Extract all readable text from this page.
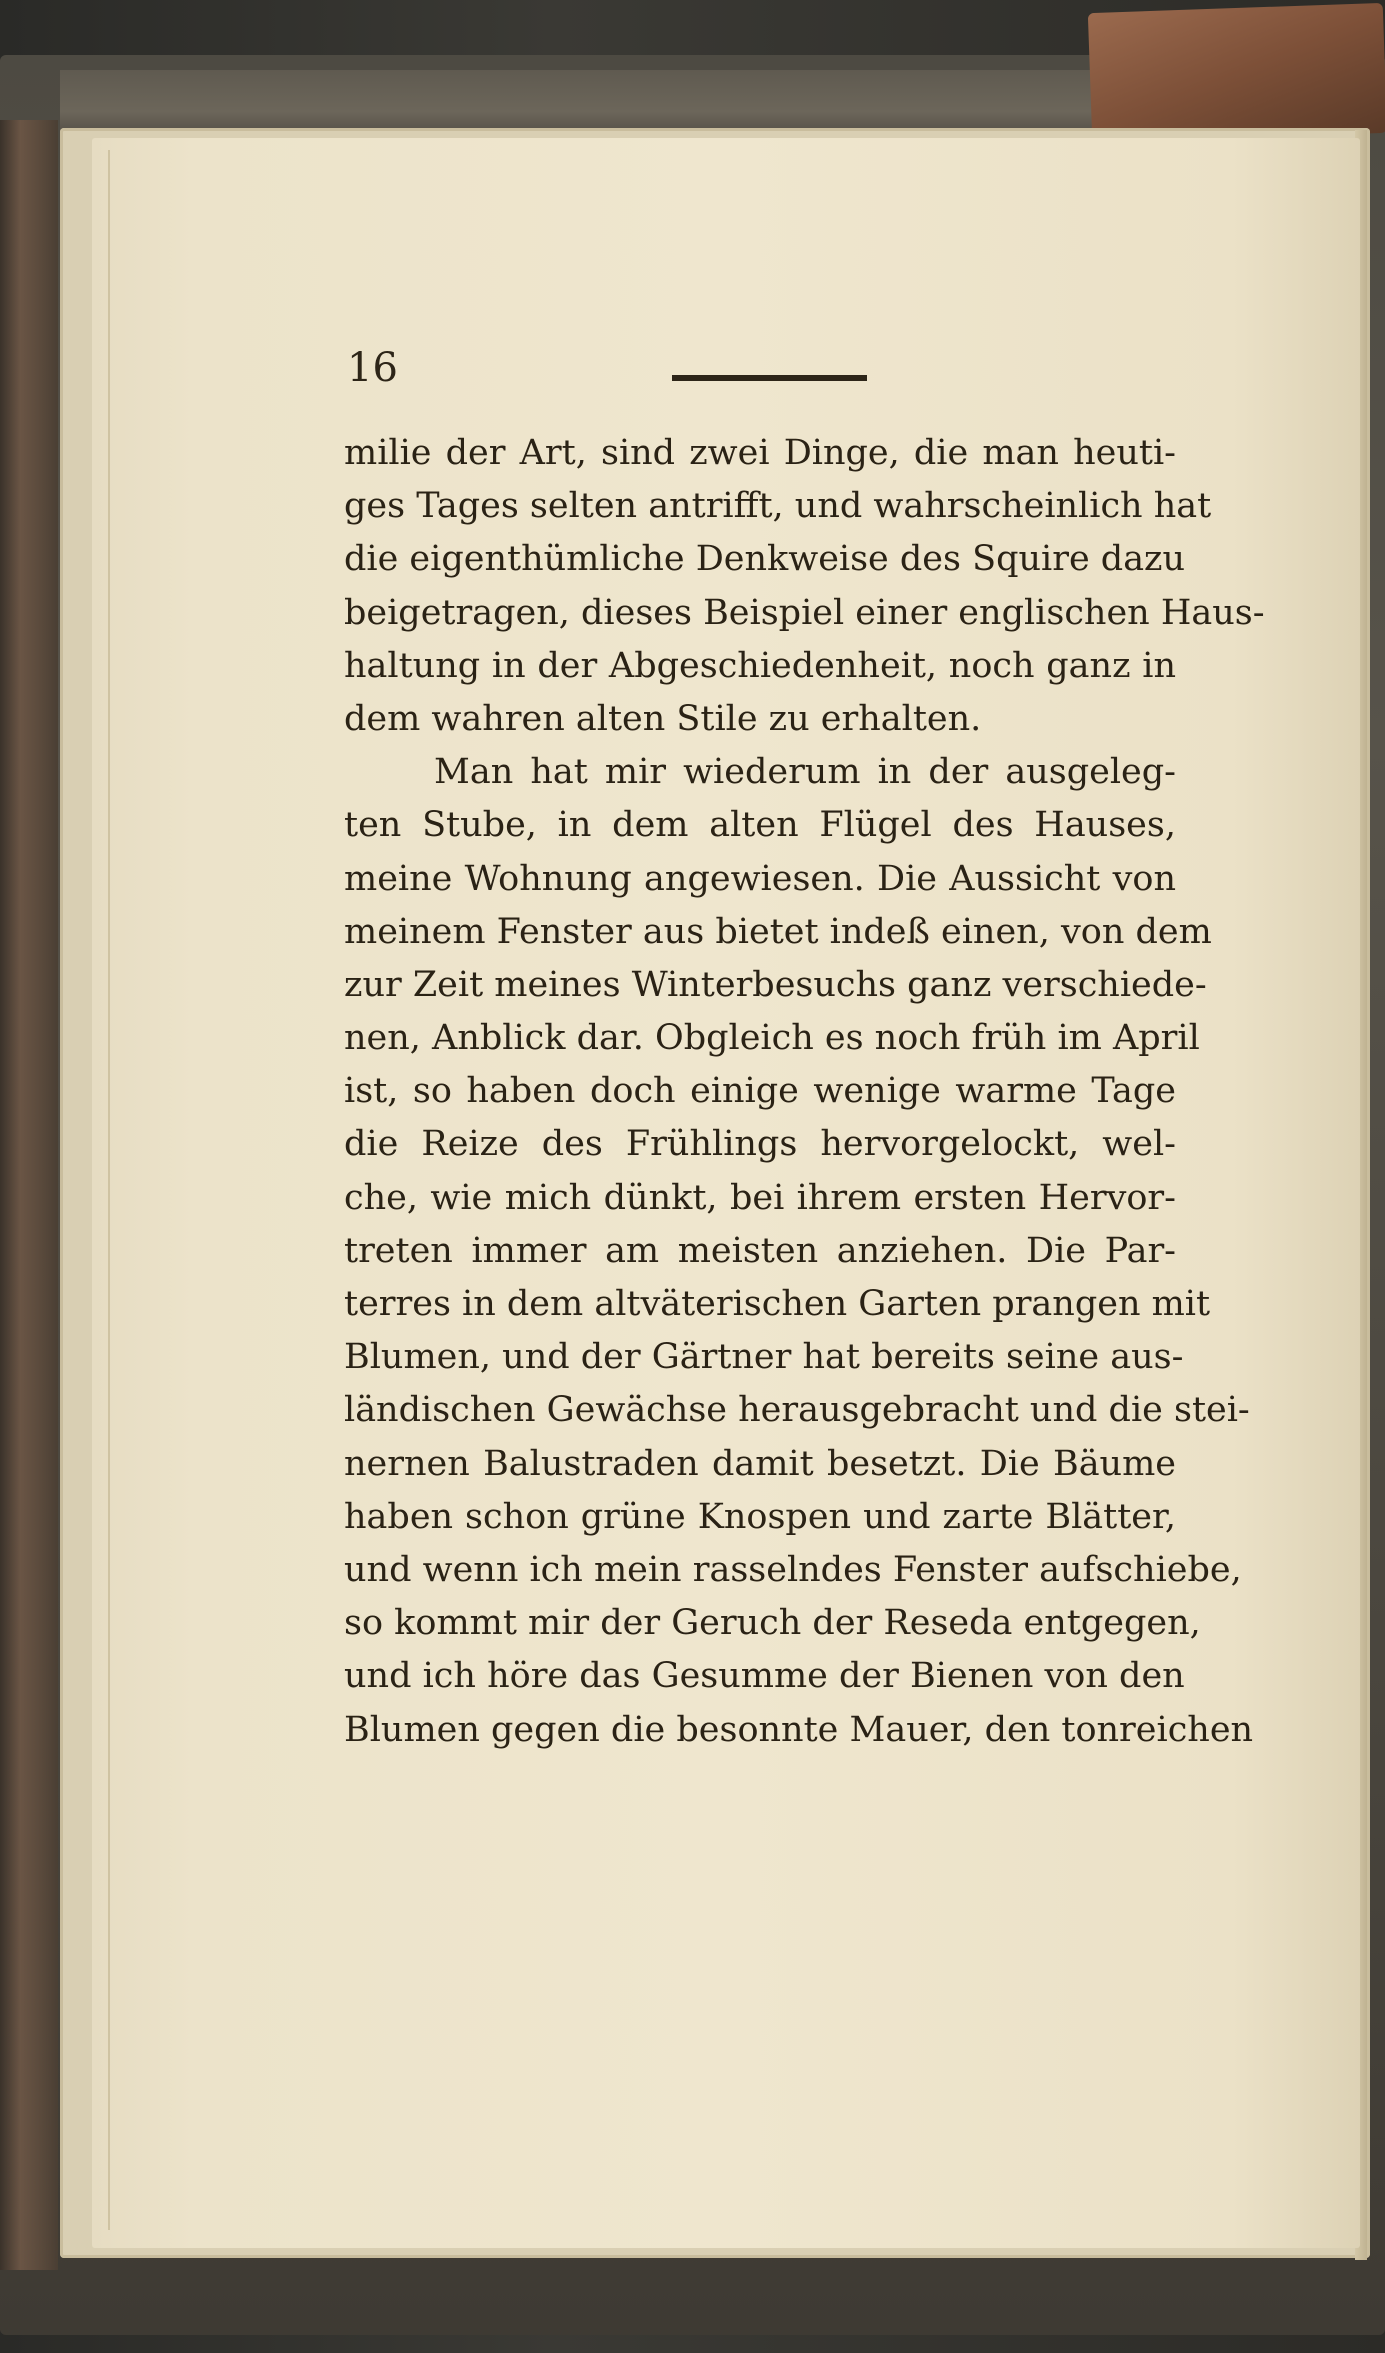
16
milie der Art, sind zwei Dinge, die man heuti-
ges Tages selten antrifft, und wahrscheinlich hat
die eigenthümliche Denkweise des Squire dazu
beigetragen, dieses Beispiel einer englischen Haus-
haltung in der Abgeschiedenheit, noch ganz in
dem wahren alten Stile zu erhalten.
Man hat mir wiederum in der ausgeleg-
ten Stube, in dem alten Flügel des Hauses,
meine Wohnung angewiesen. Die Aussicht von
meinem Fenster aus bietet indeß einen, von dem
zur Zeit meines Winterbesuchs ganz verschiede-
nen, Anblick dar. Obgleich es noch früh im April
ist, so haben doch einige wenige warme Tage
die Reize des Frühlings hervorgelockt, wel-
che, wie mich dünkt, bei ihrem ersten Hervor-
treten immer am meisten anziehen. Die Par-
terres in dem altväterischen Garten prangen mit
Blumen, und der Gärtner hat bereits seine aus-
ländischen Gewächse herausgebracht und die stei-
nernen Balustraden damit besetzt. Die Bäume
haben schon grüne Knospen und zarte Blätter,
und wenn ich mein rasselndes Fenster aufschiebe,
so kommt mir der Geruch der Reseda entgegen,
und ich höre das Gesumme der Bienen von den
Blumen gegen die besonnte Mauer, den tonreichen
